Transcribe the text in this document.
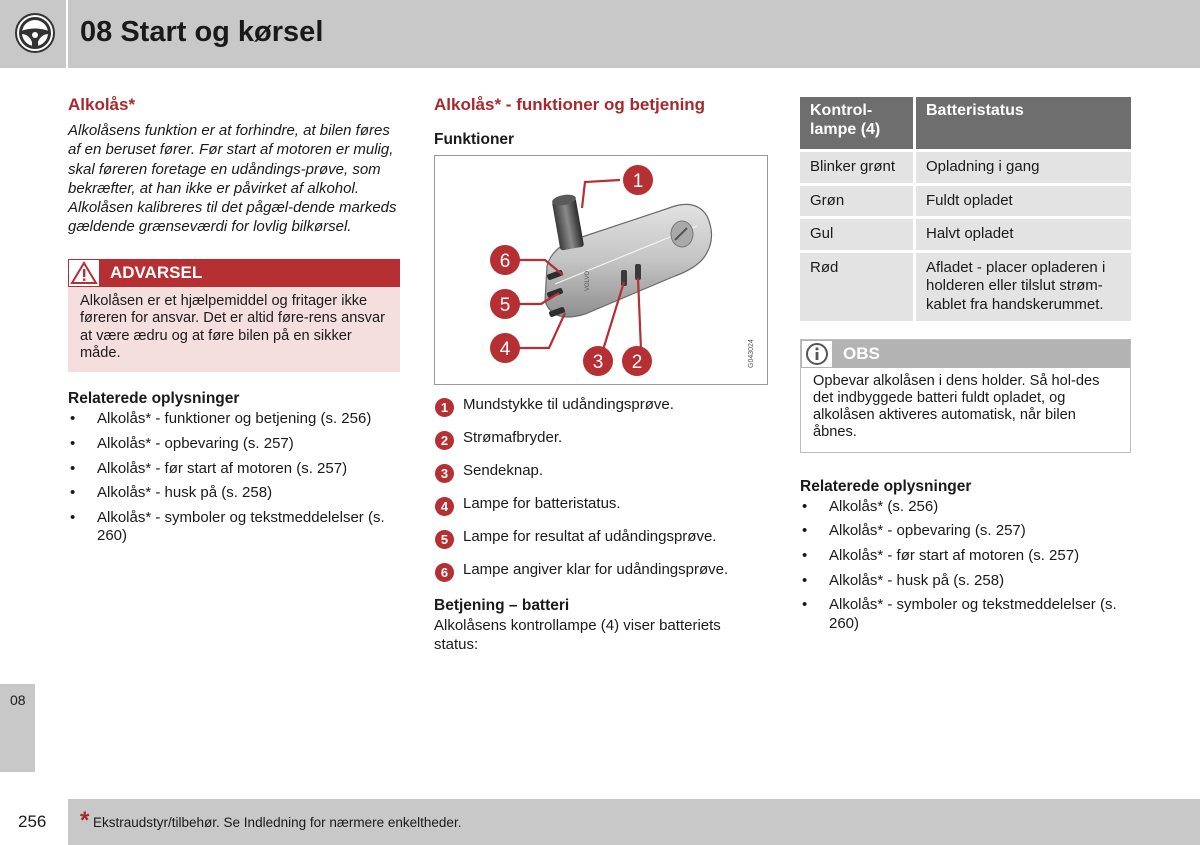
08 Start og kørsel
Alkolås*

Alkolåsens funktion er at forhindre, at bilen føres af en beruset fører. Før start af motoren er mulig, skal føreren foretage en udåndings-prøve, som bekræfter, at han ikke er påvirket af alkohol. Alkolåsen kalibreres til det pågæl-dende markeds gældende grænseværdi for lovlig bilkørsel.

ADVARSEL
Alkolåsen er et hjælpemiddel og fritager ikke føreren for ansvar. Det er altid føre-rens ansvar at være ædru og at føre bilen på en sikker måde.
Relaterede oplysninger
• Alkolås* - funktioner og betjening (s. 256)
• Alkolås* - opbevaring (s. 257)
• Alkolås* - før start af motoren (s. 257)
• Alkolås* - husk på (s. 258)
• Alkolås* - symboler og tekstmeddelelser (s. 260)
Alkolås* - funktioner og betjening
Funktioner
VOLVO
1
6
5
4
3 2	G043024
1 Mundstykke til udåndingsprøve.
2 Strømafbryder.
3 Sendeknap.
4 Lampe for batteristatus.
5 Lampe for resultat af udåndingsprøve.
6 Lampe angiver klar for udåndingsprøve.
Betjening – batteri

Alkolåsens kontrollampe (4) viser batteriets status:

Kontrol-lampe (4)	Batteristatus
Blinker grønt	Opladning i gang
Grøn	Fuldt opladet
Gul	Halvt opladet
Rød	Afladet - placer opladeren i holderen eller tilslut strøm-kablet fra handskerummet.
OBS
Opbevar alkolåsen i dens holder. Så hol-des det indbyggede batteri fuldt opladet, og alkolåsen aktiveres automatisk, når bilen åbnes.
Relaterede oplysninger
• Alkolås* (s. 256)
• Alkolås* - opbevaring (s. 257)
• Alkolås* - før start af motoren (s. 257)
• Alkolås* - husk på (s. 258)
• Alkolås* - symboler og tekstmeddelelser (s. 260)
08
256 * Ekstraudstyr/tilbehør. Se Indledning for nærmere enkeltheder.
